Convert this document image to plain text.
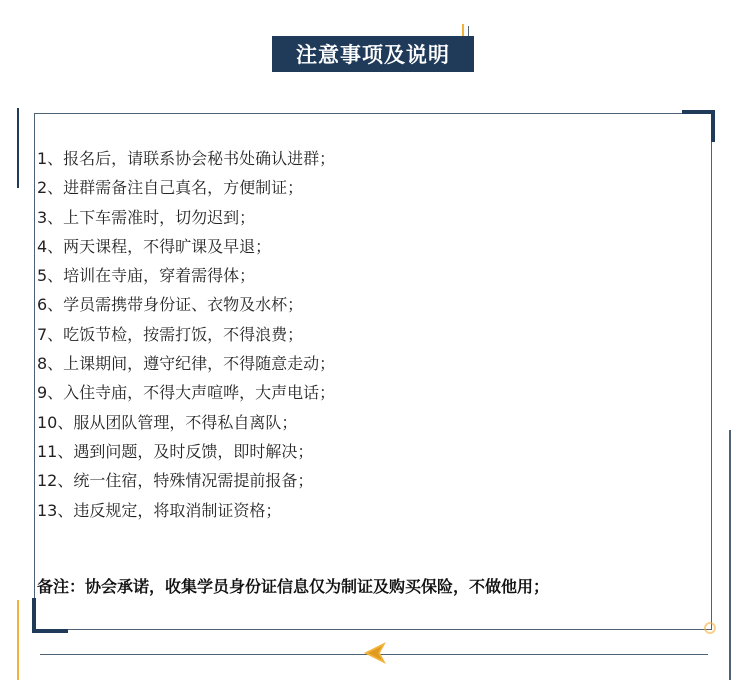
注意事项及说明
1、报名后，请联系协会秘书处确认进群；
2、进群需备注自己真名，方便制证；
3、上下车需准时，切勿迟到；
4、两天课程，不得旷课及早退；
5、培训在寺庙，穿着需得体；
6、学员需携带身份证、衣物及水杯；
7、吃饭节检，按需打饭，不得浪费；
8、上课期间，遵守纪律，不得随意走动；
9、入住寺庙，不得大声喧哗，大声电话；
10、服从团队管理，不得私自离队；
11、遇到问题，及时反馈，即时解决；
12、统一住宿，特殊情况需提前报备；
13、违反规定，将取消制证资格；
备注：协会承诺，收集学员身份证信息仅为制证及购买保险，不做他用；
